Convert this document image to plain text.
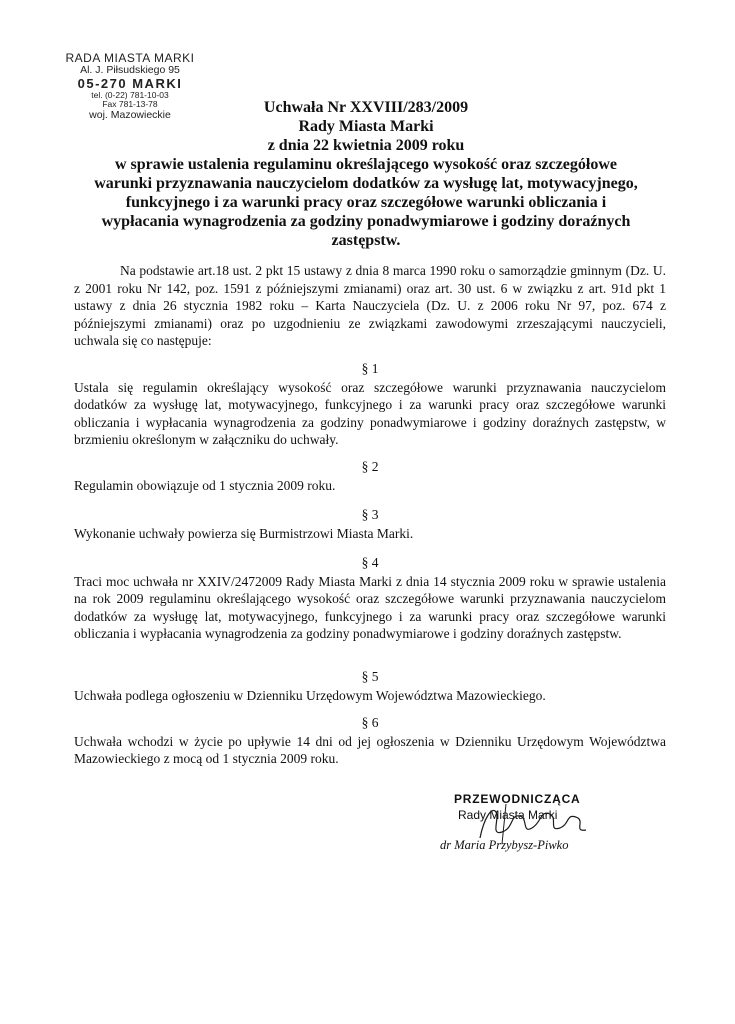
RADA MIASTA MARKI
Al. J. Piłsudskiego 95
05-270 MARKI
tel. (0-22) 781-10-03
Fax 781-13-78
woj. Mazowieckie	Uchwała Nr XXVIII/283/2009
Rady Miasta Marki
z dnia 22 kwietnia 2009 roku
w sprawie ustalenia regulaminu określającego wysokość oraz szczegółowe
warunki przyznawania nauczycielom dodatków za wysługę lat, motywacyjnego,
funkcyjnego i za warunki pracy oraz szczegółowe warunki obliczania i
wypłacania wynagrodzenia za godziny ponadwymiarowe i godziny doraźnych
zastępstw.
Na podstawie art.18 ust. 2 pkt 15 ustawy z dnia 8 marca 1990 roku o samorządzie gminnym (Dz. U. z 2001 roku Nr 142, poz. 1591 z późniejszymi zmianami) oraz art. 30 ust. 6 w związku z art. 91d pkt 1 ustawy z dnia 26 stycznia 1982 roku – Karta Nauczyciela (Dz. U. z 2006 roku Nr 97, poz. 674 z późniejszymi zmianami) oraz po uzgodnieniu ze związkami zawodowymi zrzeszającymi nauczycieli, uchwala się co następuje:
§ 1
Ustala się regulamin określający wysokość oraz szczegółowe warunki przyznawania nauczycielom dodatków za wysługę lat, motywacyjnego, funkcyjnego i za warunki pracy oraz szczegółowe warunki obliczania i wypłacania wynagrodzenia za godziny ponadwymiarowe i godziny doraźnych zastępstw, w brzmieniu określonym w załączniku do uchwały.
§ 2
Regulamin obowiązuje od 1 stycznia 2009 roku.
§ 3
Wykonanie uchwały powierza się Burmistrzowi Miasta Marki.
§ 4
Traci moc uchwała nr XXIV/2472009 Rady Miasta Marki z dnia 14 stycznia 2009 roku w sprawie ustalenia na rok 2009 regulaminu określającego wysokość oraz szczegółowe warunki przyznawania nauczycielom dodatków za wysługę lat, motywacyjnego, funkcyjnego i za warunki pracy oraz szczegółowe warunki obliczania i wypłacania wynagrodzenia za godziny ponadwymiarowe i godziny doraźnych zastępstw.
§ 5
Uchwała podlega ogłoszeniu w Dzienniku Urzędowym Województwa Mazowieckiego.
§ 6
Uchwała wchodzi w życie po upływie 14 dni od jej ogłoszenia w Dzienniku Urzędowym Województwa Mazowieckiego z mocą od 1 stycznia 2009 roku.
PRZEWODNICZĄCA
Rady Miasta Marki
dr Maria Przybysz-Piwko
